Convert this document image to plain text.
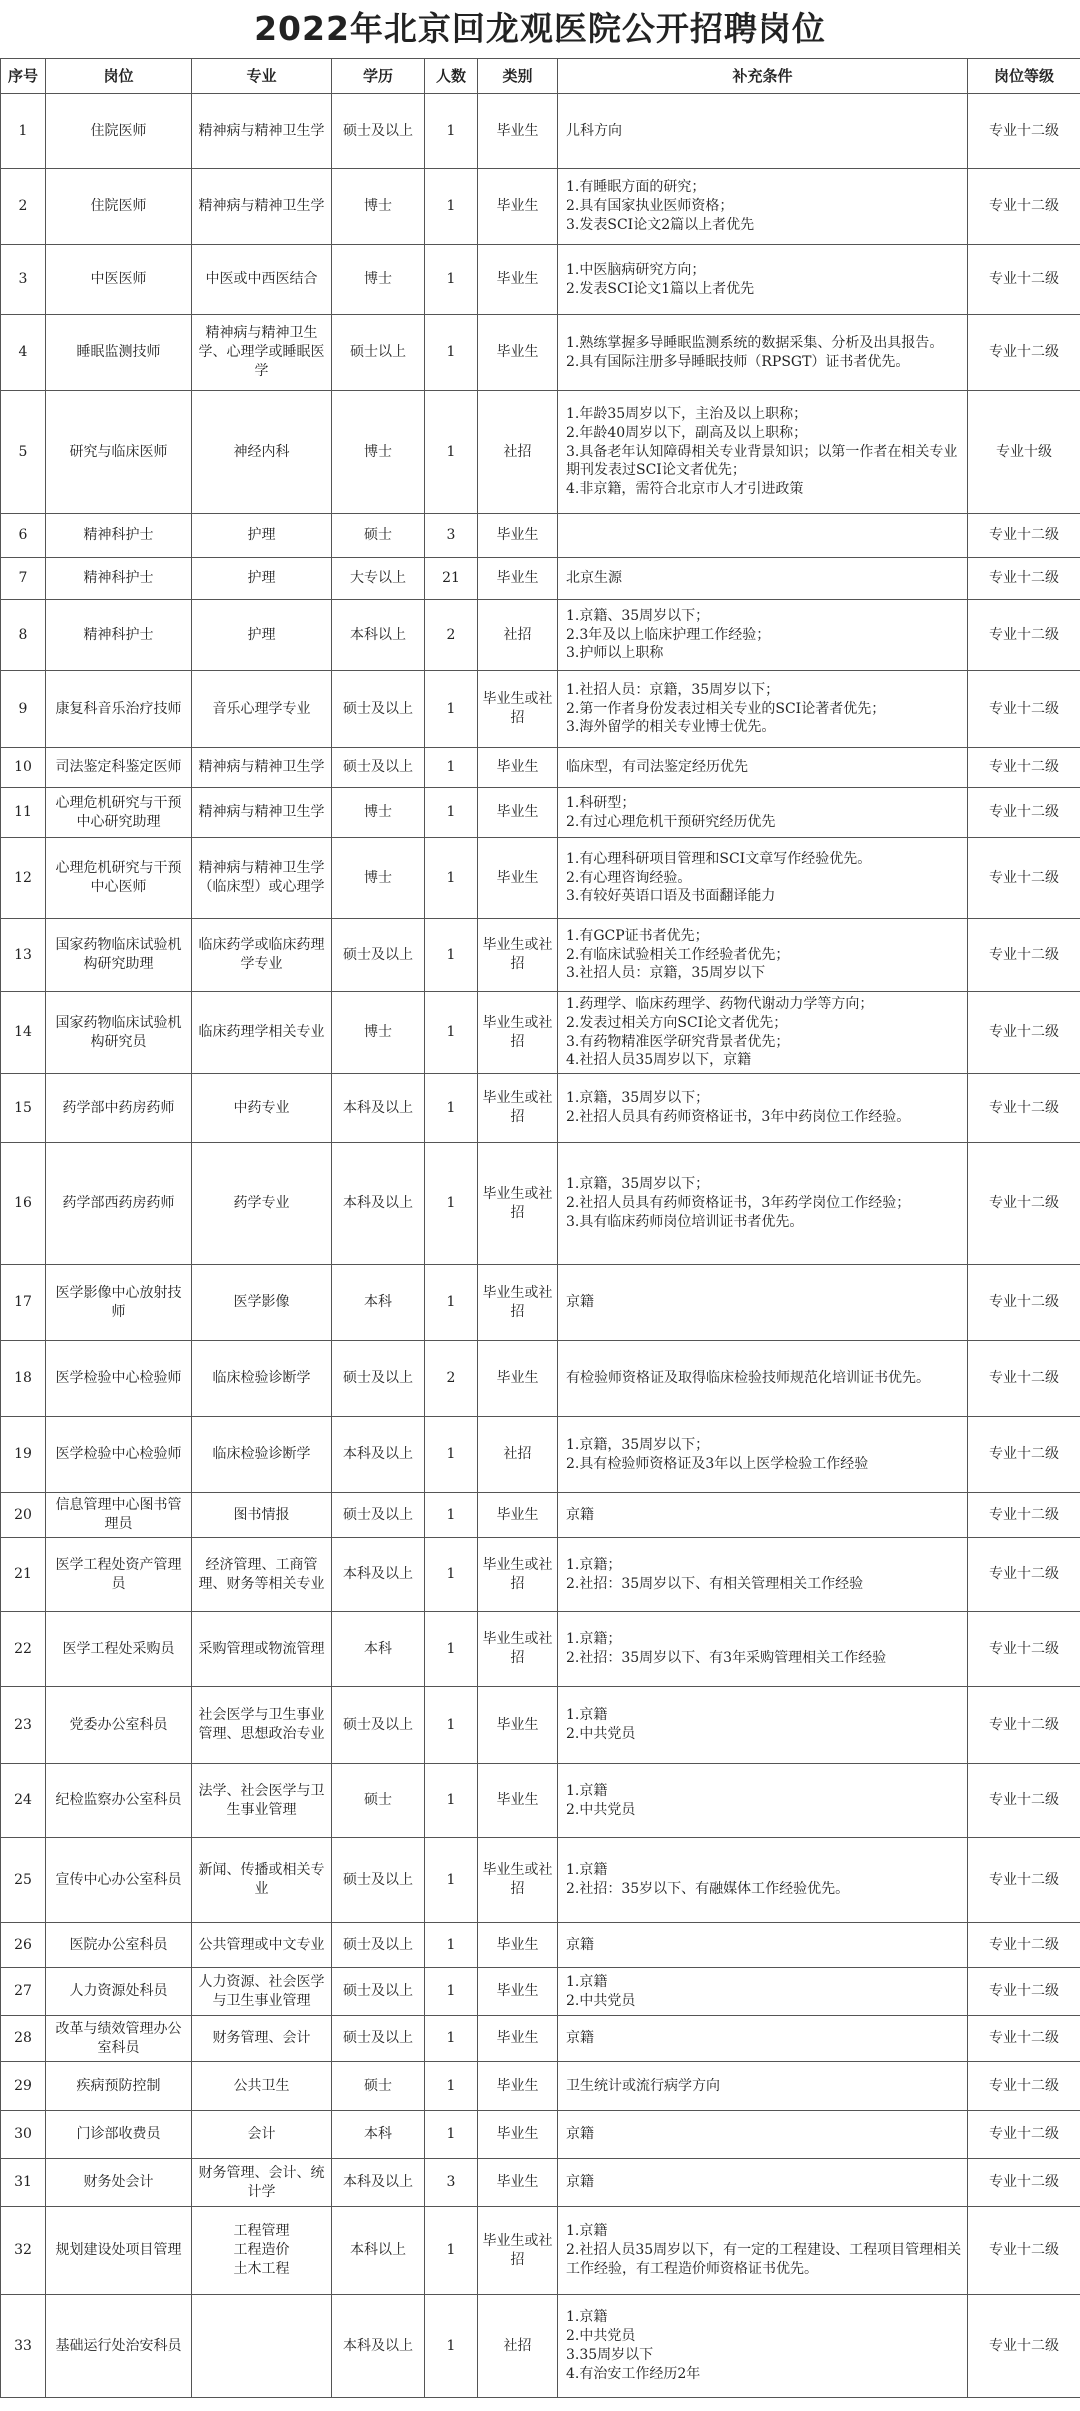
2022年北京回龙观医院公开招聘岗位
序号	岗位	专业	学历	人数	类别	补充条件	岗位等级

1	住院医师	精神病与精神卫生学	硕士及以上	1	毕业生	儿科方向	专业十二级

2	住院医师	精神病与精神卫生学	博士	1	毕业生	1.有睡眠方面的研究；
2.具有国家执业医师资格；
3.发表SCI论文2篇以上者优先	专业十二级

3	中医医师	中医或中西医结合	博士	1	毕业生	1.中医脑病研究方向；
2.发表SCI论文1篇以上者优先	专业十二级

4	睡眠监测技师	精神病与精神卫生学、心理学或睡眠医学	硕士以上	1	毕业生	1.熟练掌握多导睡眠监测系统的数据采集、分析及出具报告。
2.具有国际注册多导睡眠技师（RPSGT）证书者优先。	专业十二级

5	研究与临床医师	神经内科	博士	1	社招	1.年龄35周岁以下，主治及以上职称；
2.年龄40周岁以下，副高及以上职称；
3.具备老年认知障碍相关专业背景知识；以第一作者在相关专业期刊发表过SCI论文者优先；
4.非京籍，需符合北京市人才引进政策	专业十级

6	精神科护士	护理	硕士	3	毕业生		专业十二级

7	精神科护士	护理	大专以上	21	毕业生	北京生源	专业十二级

8	精神科护士	护理	本科以上	2	社招	1.京籍、35周岁以下；
2.3年及以上临床护理工作经验；
3.护师以上职称	专业十二级

9	康复科音乐治疗技师	音乐心理学专业	硕士及以上	1	毕业生或社招	1.社招人员：京籍，35周岁以下；
2.第一作者身份发表过相关专业的SCI论著者优先；
3.海外留学的相关专业博士优先。	专业十二级

10	司法鉴定科鉴定医师	精神病与精神卫生学	硕士及以上	1	毕业生	临床型，有司法鉴定经历优先	专业十二级

11	心理危机研究与干预中心研究助理	精神病与精神卫生学	博士	1	毕业生	1.科研型；
2.有过心理危机干预研究经历优先	专业十二级

12	心理危机研究与干预中心医师	精神病与精神卫生学（临床型）或心理学	博士	1	毕业生	1.有心理科研项目管理和SCI文章写作经验优先。
2.有心理咨询经验。
3.有较好英语口语及书面翻译能力	专业十二级

13	国家药物临床试验机构研究助理	临床药学或临床药理学专业	硕士及以上	1	毕业生或社招	1.有GCP证书者优先；
2.有临床试验相关工作经验者优先；
3.社招人员：京籍，35周岁以下	专业十二级

14	国家药物临床试验机构研究员	临床药理学相关专业	博士	1	毕业生或社招	1.药理学、临床药理学、药物代谢动力学等方向；
2.发表过相关方向SCI论文者优先；
3.有药物精准医学研究背景者优先；
4.社招人员35周岁以下，京籍	专业十二级

15	药学部中药房药师	中药专业	本科及以上	1	毕业生或社招	1.京籍，35周岁以下；
2.社招人员具有药师资格证书，3年中药岗位工作经验。	专业十二级

16	药学部西药房药师	药学专业	本科及以上	1	毕业生或社招	1.京籍，35周岁以下；
2.社招人员具有药师资格证书，3年药学岗位工作经验；
3.具有临床药师岗位培训证书者优先。	专业十二级

17	医学影像中心放射技师	医学影像	本科	1	毕业生或社招	京籍	专业十二级

18	医学检验中心检验师	临床检验诊断学	硕士及以上	2	毕业生	有检验师资格证及取得临床检验技师规范化培训证书优先。	专业十二级

19	医学检验中心检验师	临床检验诊断学	本科及以上	1	社招	1.京籍，35周岁以下；
2.具有检验师资格证及3年以上医学检验工作经验	专业十二级

20	信息管理中心图书管理员	图书情报	硕士及以上	1	毕业生	京籍	专业十二级

21	医学工程处资产管理员	经济管理、工商管理、财务等相关专业	本科及以上	1	毕业生或社招	1.京籍；
2.社招：35周岁以下、有相关管理相关工作经验	专业十二级

22	医学工程处采购员	采购管理或物流管理	本科	1	毕业生或社招	1.京籍；
2.社招：35周岁以下、有3年采购管理相关工作经验	专业十二级

23	党委办公室科员	社会医学与卫生事业管理、思想政治专业	硕士及以上	1	毕业生	1.京籍
2.中共党员	专业十二级

24	纪检监察办公室科员	法学、社会医学与卫生事业管理	硕士	1	毕业生	1.京籍
2.中共党员	专业十二级

25	宣传中心办公室科员	新闻、传播或相关专业	硕士及以上	1	毕业生或社招	1.京籍
2.社招：35岁以下、有融媒体工作经验优先。	专业十二级

26	医院办公室科员	公共管理或中文专业	硕士及以上	1	毕业生	京籍	专业十二级

27	人力资源处科员	人力资源、社会医学与卫生事业管理	硕士及以上	1	毕业生	1.京籍
2.中共党员	专业十二级

28	改革与绩效管理办公室科员	财务管理、会计	硕士及以上	1	毕业生	京籍	专业十二级

29	疾病预防控制	公共卫生	硕士	1	毕业生	卫生统计或流行病学方向	专业十二级

30	门诊部收费员	会计	本科	1	毕业生	京籍	专业十二级

31	财务处会计	财务管理、会计、统计学	本科及以上	3	毕业生	京籍	专业十二级

32	规划建设处项目管理	工程管理
工程造价
土木工程	本科以上	1	毕业生或社招	1.京籍
2.社招人员35周岁以下，有一定的工程建设、工程项目管理相关工作经验，有工程造价师资格证书优先。	专业十二级

33	基础运行处治安科员		本科及以上	1	社招	1.京籍
2.中共党员
3.35周岁以下
4.有治安工作经历2年	专业十二级
